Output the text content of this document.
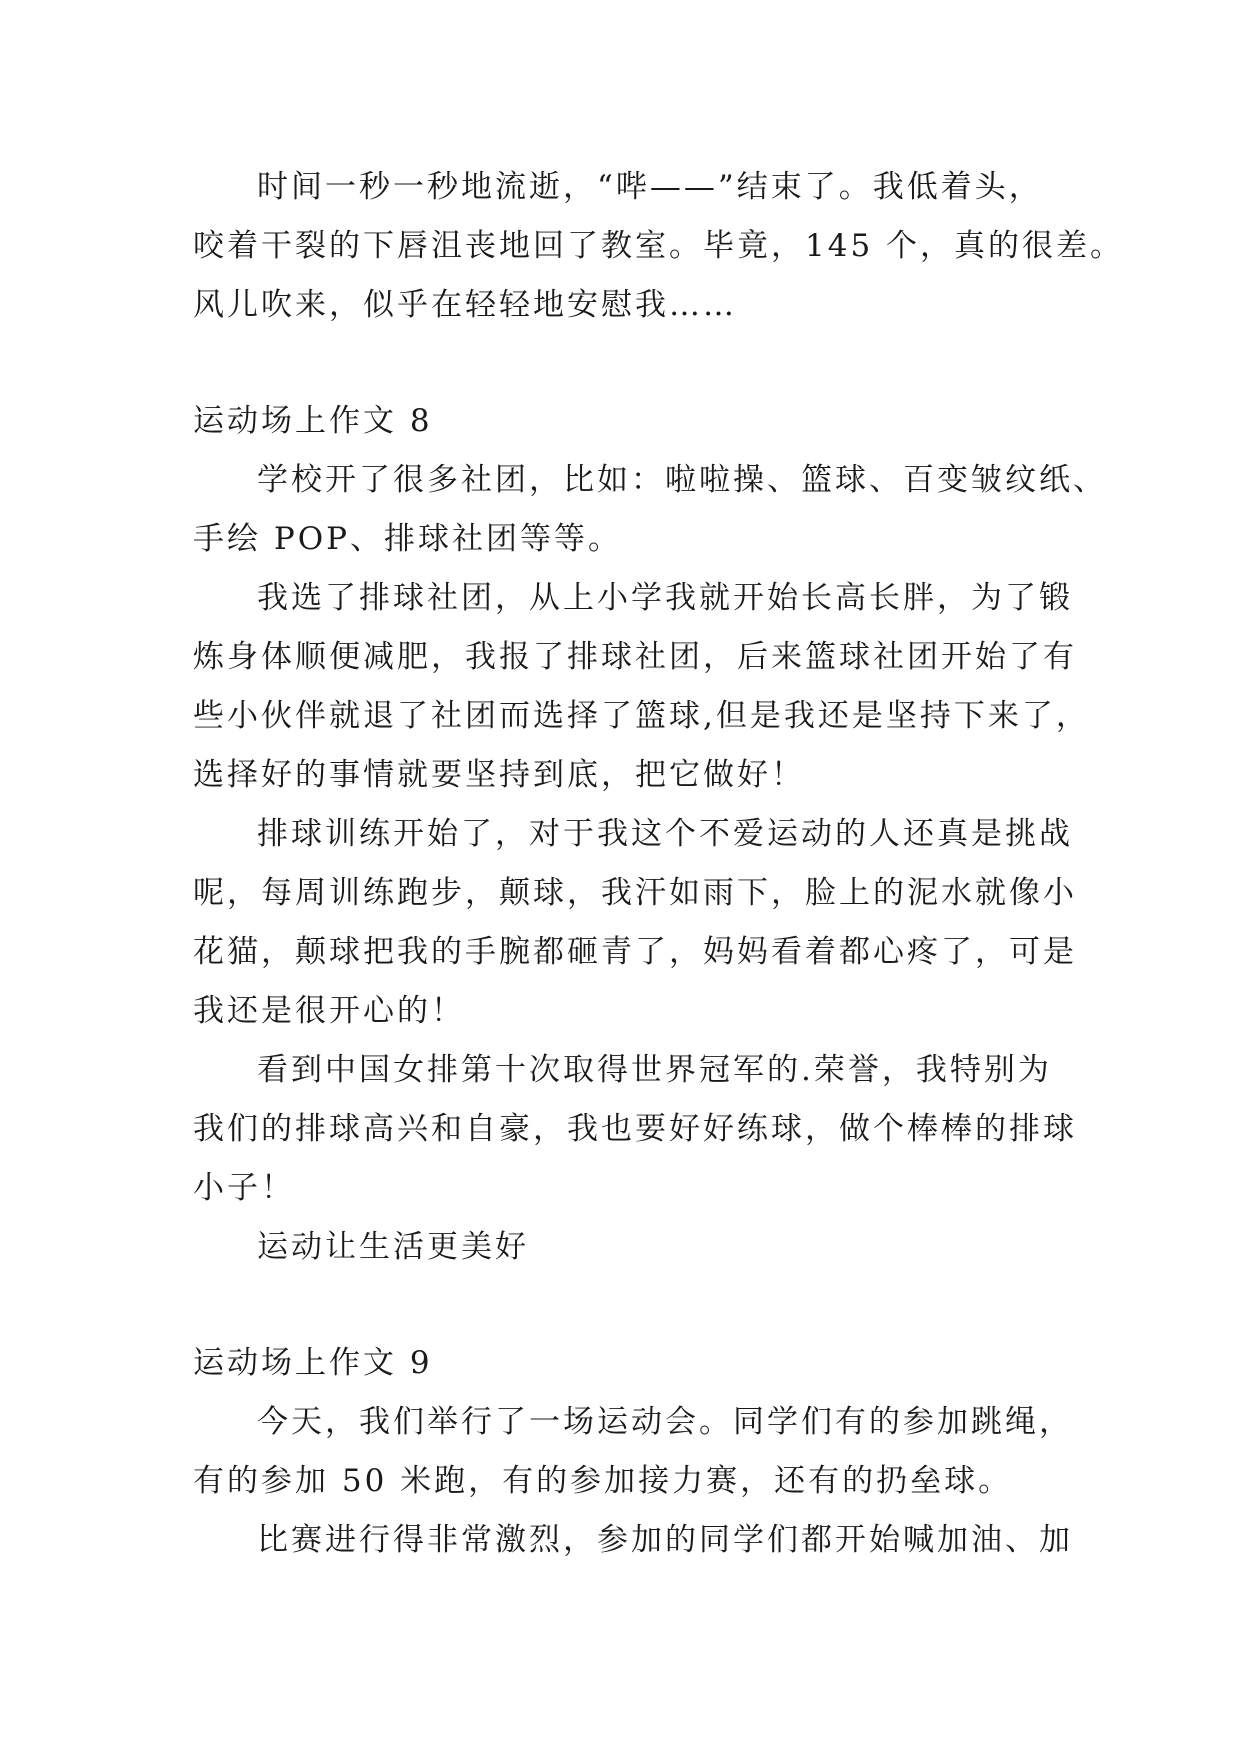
时间一秒一秒地流逝，“哔——”结束了。我低着头，
咬着干裂的下唇沮丧地回了教室。毕竟，145 个，真的很差。
风儿吹来，似乎在轻轻地安慰我……
运动场上作文 8
学校开了很多社团，比如：啦啦操、篮球、百变皱纹纸、
手绘 POP、排球社团等等。
我选了排球社团，从上小学我就开始长高长胖，为了锻
炼身体顺便减肥，我报了排球社团，后来篮球社团开始了有
些小伙伴就退了社团而选择了篮球,但是我还是坚持下来了，
选择好的事情就要坚持到底，把它做好！
排球训练开始了，对于我这个不爱运动的人还真是挑战
呢，每周训练跑步，颠球，我汗如雨下，脸上的泥水就像小
花猫，颠球把我的手腕都砸青了，妈妈看着都心疼了，可是
我还是很开心的！
看到中国女排第十次取得世界冠军的.荣誉，我特别为
我们的排球高兴和自豪，我也要好好练球，做个棒棒的排球
小子！
运动让生活更美好
运动场上作文 9
今天，我们举行了一场运动会。同学们有的参加跳绳，
有的参加 50 米跑，有的参加接力赛，还有的扔垒球。
比赛进行得非常激烈，参加的同学们都开始喊加油、加
